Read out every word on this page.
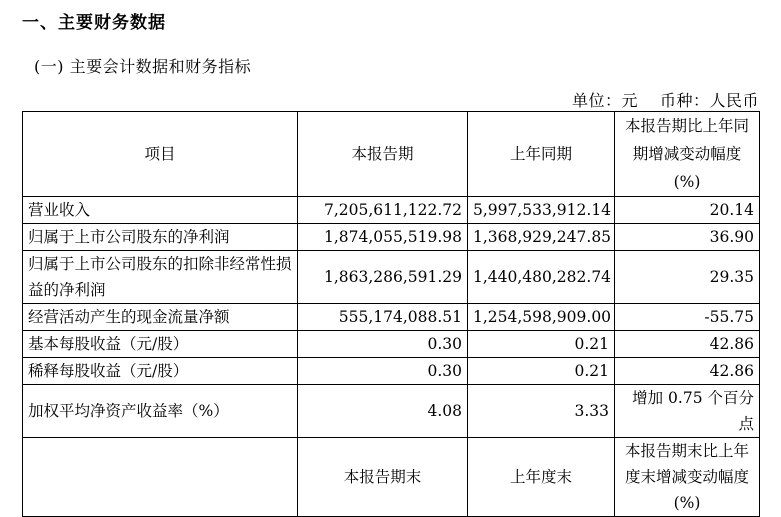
一、主要财务数据
(一) 主要会计数据和财务指标
单位：元 币种：人民币
项目	本报告期	上年同期	本报告期比上年同期增减变动幅度(%)
营业收入	7,205,611,122.72	5,997,533,912.14	20.14
归属于上市公司股东的净利润	1,874,055,519.98	1,368,929,247.85	36.90
归属于上市公司股东的扣除非经常性损益的净利润	1,863,286,591.29	1,440,480,282.74	29.35
经营活动产生的现金流量净额	555,174,088.51	1,254,598,909.00	-55.75
基本每股收益（元/股）	0.30	0.21	42.86
稀释每股收益（元/股）	0.30	0.21	42.86
加权平均净资产收益率（%）	4.08	3.33	增加 0.75 个百分点
	本报告期末	上年度末	本报告期末比上年度末增减变动幅度(%)
